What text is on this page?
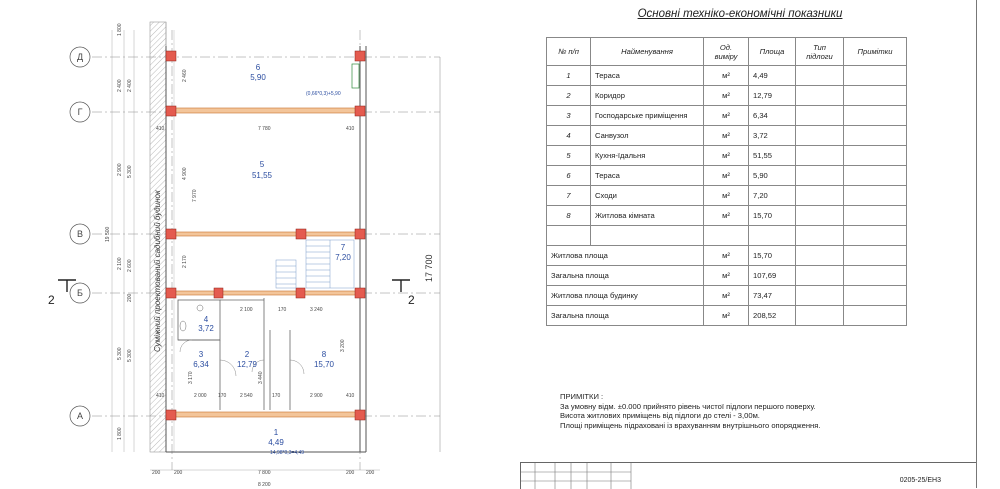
Д
Г
В
Б
А
6
5,90
5
51,55
4
3,72
3
6,34
2
12,79
8
15,70
7
7,20
1
4,49
(0,66*0,3)+5,90
14,98*0,3=4,49
Суміжний проектований садибний будинок
2	2
17 700
1 800
2 400
2 900
2 100
5 300
1 800
2 400
5 300
2 600
200
5 300
19 500
2 460
4 900
7 970
2 170
3 170	3 440
3 200
410	7 780	410
2 100	170	3 240
410	2 000 170	2 540	170	2 900	410
200	200	7 800	200 200
8 200
Основні техніко-економічні показники
№ п/п	Найменування	Од. виміру	Площа	Тип підлоги	Примітки
1	Тераса	м²	4,49		
2	Коридор	м²	12,79		
3	Господарське приміщення	м²	6,34		
4	Санвузол	м²	3,72		
5	Кухня-їдальня	м²	51,55		
6	Тераса	м²	5,90		
7	Сходи	м²	7,20		
8	Житлова кімната	м²	15,70		

Житлова площа		м²	15,70		
Загальна площа		м²	107,69		
Житлова площа будинку		м²	73,47		
Загальна площа		м²	208,52		
ПРИМІТКИ :
За умовну відм. ±0.000 прийнято рівень чистої підлоги першого поверху.
Висота житлових приміщень від підлоги до стелі - 3,00м.
Площі приміщень підраховані із врахуванням внутрішнього опорядження.
0205-25/ЕН3
